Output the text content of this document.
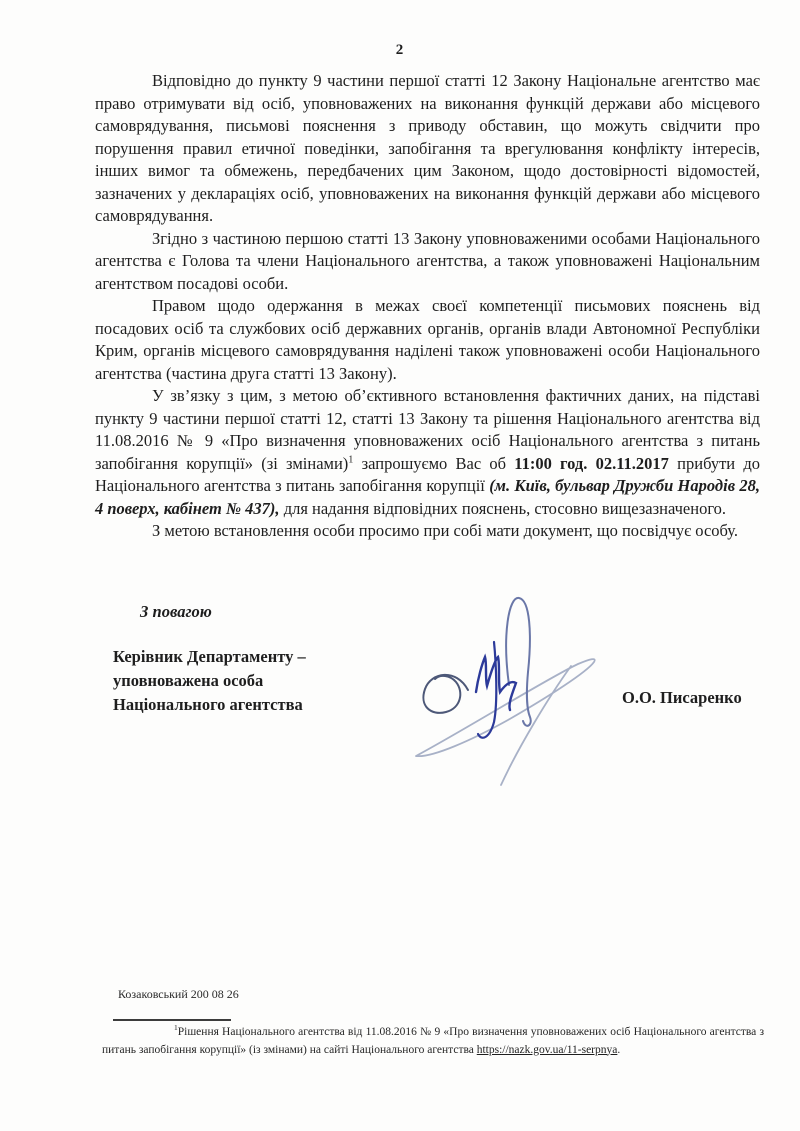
2

Відповідно до пункту 9 частини першої статті 12 Закону Національне агентство має право отримувати від осіб, уповноважених на виконання функцій держави або місцевого самоврядування, письмові пояснення з приводу обставин, що можуть свідчити про порушення правил етичної поведінки, запобігання та врегулювання конфлікту інтересів, інших вимог та обмежень, передбачених цим Законом, щодо достовірності відомостей, зазначених у деклараціях осіб, уповноважених на виконання функцій держави або місцевого самоврядування.

Згідно з частиною першою статті 13 Закону уповноваженими особами Національного агентства є Голова та члени Національного агентства, а також уповноважені Національним агентством посадові особи.

Правом щодо одержання в межах своєї компетенції письмових пояснень від посадових осіб та службових осіб державних органів, органів влади Автономної Республіки Крим, органів місцевого самоврядування наділені також уповноважені особи Національного агентства (частина друга статті 13 Закону).

У зв’язку з цим, з метою об’єктивного встановлення фактичних даних, на підставі пункту 9 частини першої статті 12, статті 13 Закону та рішення Національного агентства від 11.08.2016 № 9 «Про визначення уповноважених осіб Національного агентства з питань запобігання корупції» (зі змінами)$^1$ запрошуємо Вас об 11:00 год. 02.11.2017 прибути до Національного агентства з питань запобігання корупції (м. Київ, бульвар Дружби Народів 28, 4 поверх, кабінет № 437), для надання відповідних пояснень, стосовно вищезазначеного.

З метою встановлення особи просимо при собі мати документ, що посвідчує особу.

З повагою
Керівник Департаменту –
уповноважена особа
Національного агентства	О.О. Писаренко
Козаковський 200 08 26
$^1$Рішення Національного агентства від 11.08.2016 № 9 «Про визначення уповноважених осіб Національного агентства з питань запобігання корупції» (із змінами) на сайті Національного агентства https://nazk.gov.ua/11-serpnya.
